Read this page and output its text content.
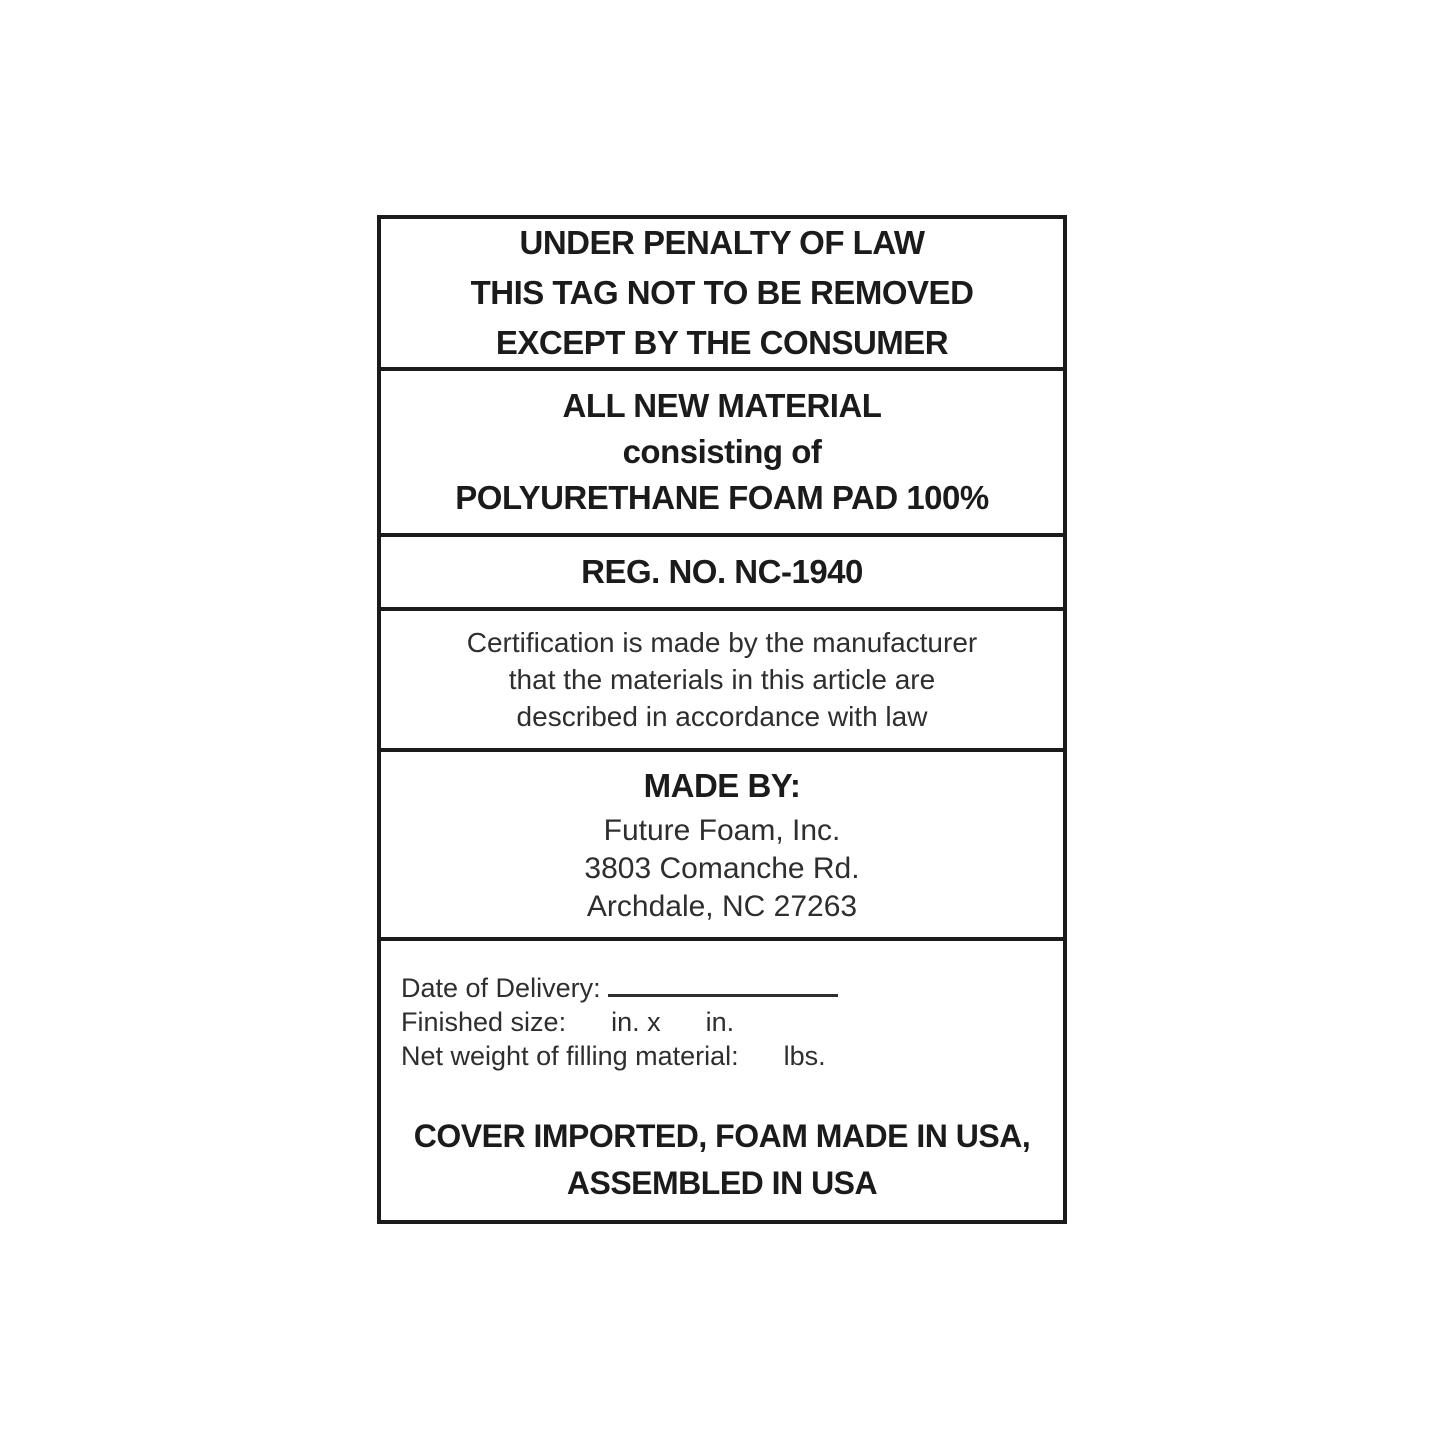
UNDER PENALTY OF LAW
THIS TAG NOT TO BE REMOVED
EXCEPT BY THE CONSUMER
ALL NEW MATERIAL
consisting of
POLYURETHANE FOAM PAD 100%
REG. NO. NC-1940
Certification is made by the manufacturer
that the materials in this article are
described in accordance with law
MADE BY:
Future Foam, Inc.
3803 Comanche Rd.
Archdale, NC 27263
Date of Delivery:
Finished size:      in. x      in.
Net weight of filling material:      lbs.
COVER IMPORTED, FOAM MADE IN USA,
ASSEMBLED IN USA
